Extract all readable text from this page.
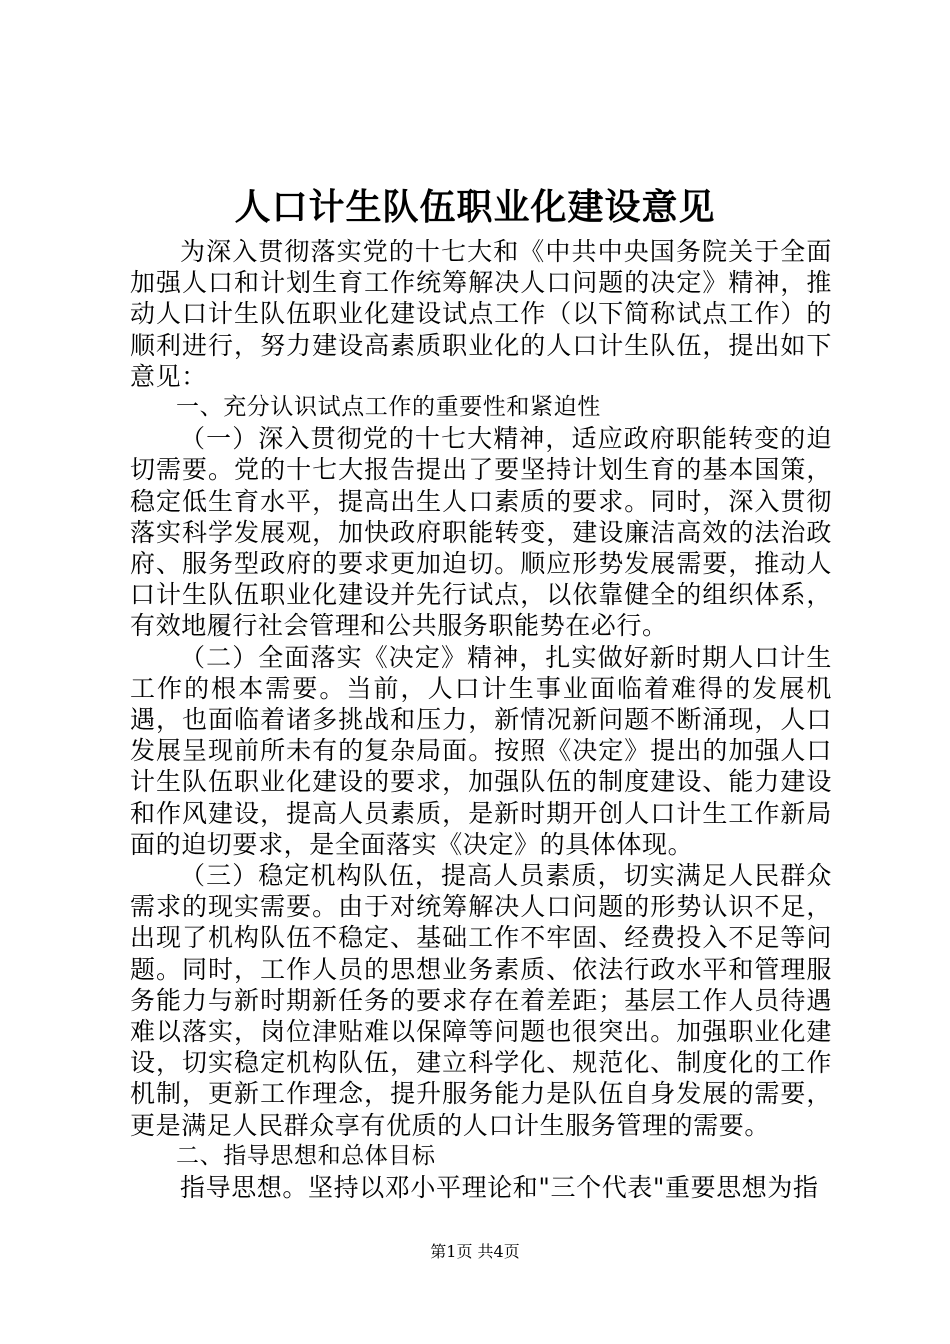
人口计生队伍职业化建设意见

为深入贯彻落实党的十七大和《中共中央国务院关于全面加强人口和计划生育工作统筹解决人口问题的决定》精神，推动人口计生队伍职业化建设试点工作（以下简称试点工作）的顺利进行，努力建设高素质职业化的人口计生队伍，提出如下意见：

一、充分认识试点工作的重要性和紧迫性

（一）深入贯彻党的十七大精神，适应政府职能转变的迫切需要。党的十七大报告提出了要坚持计划生育的基本国策，稳定低生育水平，提高出生人口素质的要求。同时，深入贯彻落实科学发展观，加快政府职能转变，建设廉洁高效的法治政府、服务型政府的要求更加迫切。顺应形势发展需要，推动人口计生队伍职业化建设并先行试点，以依靠健全的组织体系，有效地履行社会管理和公共服务职能势在必行。

（二）全面落实《决定》精神，扎实做好新时期人口计生工作的根本需要。当前，人口计生事业面临着难得的发展机遇，也面临着诸多挑战和压力，新情况新问题不断涌现，人口发展呈现前所未有的复杂局面。按照《决定》提出的加强人口计生队伍职业化建设的要求，加强队伍的制度建设、能力建设和作风建设，提高人员素质，是新时期开创人口计生工作新局面的迫切要求，是全面落实《决定》的具体体现。

（三）稳定机构队伍，提高人员素质，切实满足人民群众需求的现实需要。由于对统筹解决人口问题的形势认识不足，出现了机构队伍不稳定、基础工作不牢固、经费投入不足等问题。同时，工作人员的思想业务素质、依法行政水平和管理服务能力与新时期新任务的要求存在着差距；基层工作人员待遇难以落实，岗位津贴难以保障等问题也很突出。加强职业化建设，切实稳定机构队伍，建立科学化、规范化、制度化的工作机制，更新工作理念，提升服务能力是队伍自身发展的需要，更是满足人民群众享有优质的人口计生服务管理的需要。

二、指导思想和总体目标

指导思想。坚持以邓小平理论和"三个代表"重要思想为指

第1页 共4页
